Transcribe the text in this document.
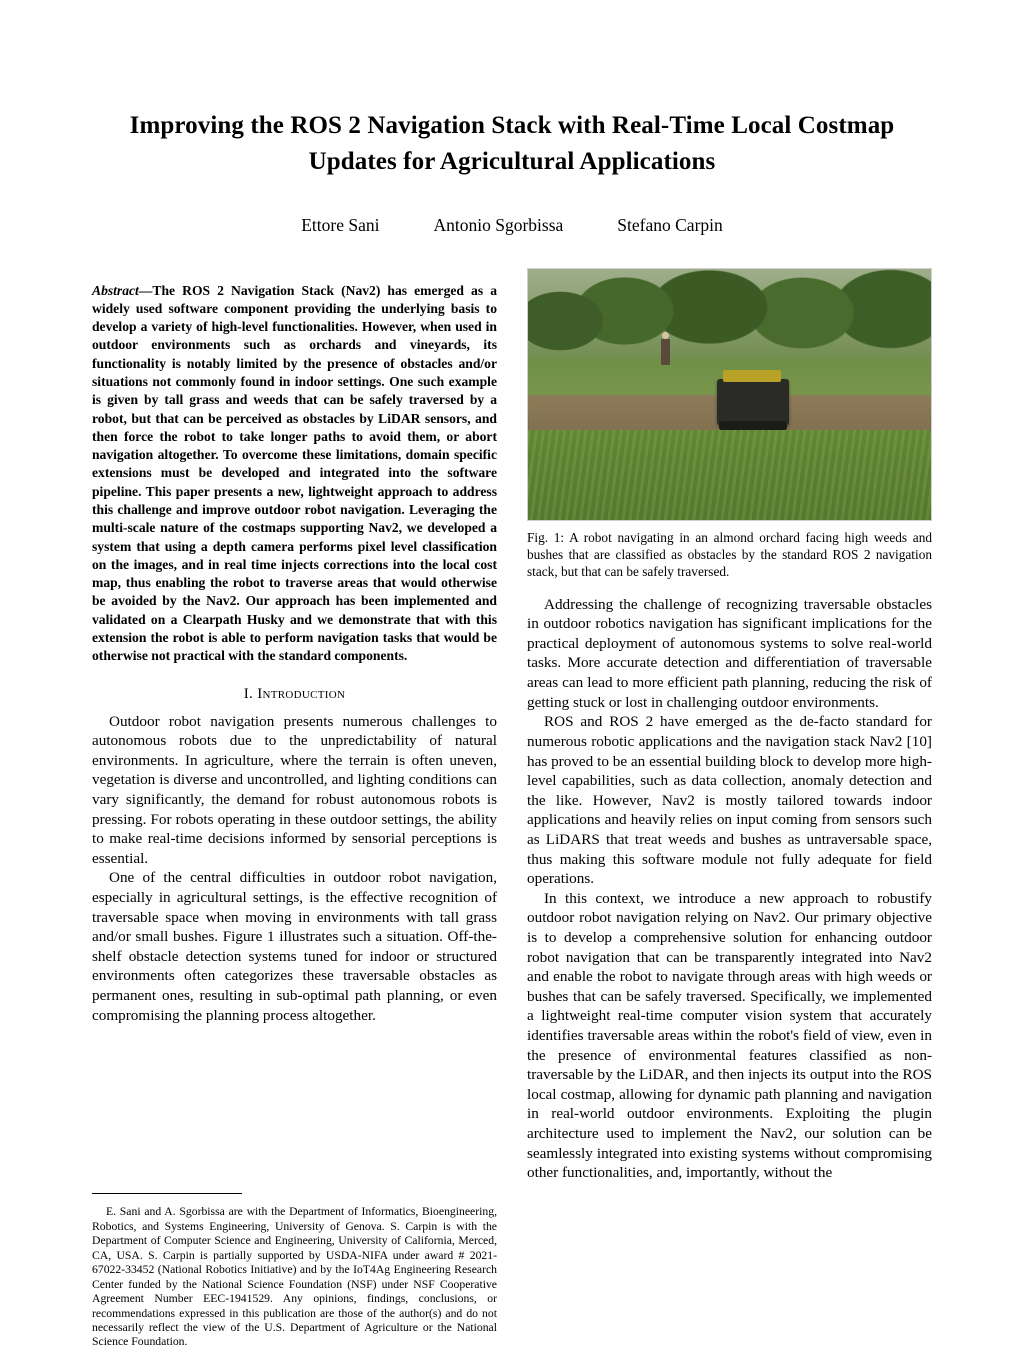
Improving the ROS 2 Navigation Stack with Real-Time Local Costmap Updates for Agricultural Applications
Ettore Sani	Antonio Sgorbissa	Stefano Carpin

Abstract—The ROS 2 Navigation Stack (Nav2) has emerged as a widely used software component providing the underlying basis to develop a variety of high-level functionalities. However, when used in outdoor environments such as orchards and vineyards, its functionality is notably limited by the presence of obstacles and/or situations not commonly found in indoor settings. One such example is given by tall grass and weeds that can be safely traversed by a robot, but that can be perceived as obstacles by LiDAR sensors, and then force the robot to take longer paths to avoid them, or abort navigation altogether. To overcome these limitations, domain specific extensions must be developed and integrated into the software pipeline. This paper presents a new, lightweight approach to address this challenge and improve outdoor robot navigation. Leveraging the multi-scale nature of the costmaps supporting Nav2, we developed a system that using a depth camera performs pixel level classification on the images, and in real time injects corrections into the local cost map, thus enabling the robot to traverse areas that would otherwise be avoided by the Nav2. Our approach has been implemented and validated on a Clearpath Husky and we demonstrate that with this extension the robot is able to perform navigation tasks that would be otherwise not practical with the standard components.

I. Introduction

Outdoor robot navigation presents numerous challenges to autonomous robots due to the unpredictability of natural environments. In agriculture, where the terrain is often uneven, vegetation is diverse and uncontrolled, and lighting conditions can vary significantly, the demand for robust autonomous robots is pressing. For robots operating in these outdoor settings, the ability to make real-time decisions informed by sensorial perceptions is essential.

One of the central difficulties in outdoor robot navigation, especially in agricultural settings, is the effective recognition of traversable space when moving in environments with tall grass and/or small bushes. Figure 1 illustrates such a situation. Off-the-shelf obstacle detection systems tuned for indoor or structured environments often categorizes these traversable obstacles as permanent ones, resulting in sub-optimal path planning, or even compromising the planning process altogether.

E. Sani and A. Sgorbissa are with the Department of Informatics, Bioengineering, Robotics, and Systems Engineering, University of Genova. S. Carpin is with the Department of Computer Science and Engineering, University of California, Merced, CA, USA. S. Carpin is partially supported by USDA-NIFA under award # 2021-67022-33452 (National Robotics Initiative) and by the IoT4Ag Engineering Research Center funded by the National Science Foundation (NSF) under NSF Cooperative Agreement Number EEC-1941529. Any opinions, findings, conclusions, or recommendations expressed in this publication are those of the author(s) and do not necessarily reflect the view of the U.S. Department of Agriculture or the National Science Foundation.

Fig. 1: A robot navigating in an almond orchard facing high weeds and bushes that are classified as obstacles by the standard ROS 2 navigation stack, but that can be safely traversed.

Addressing the challenge of recognizing traversable obstacles in outdoor robotics navigation has significant implications for the practical deployment of autonomous systems to solve real-world tasks. More accurate detection and differentiation of traversable areas can lead to more efficient path planning, reducing the risk of getting stuck or lost in challenging outdoor environments.

ROS and ROS 2 have emerged as the de-facto standard for numerous robotic applications and the navigation stack Nav2 [10] has proved to be an essential building block to develop more high-level capabilities, such as data collection, anomaly detection and the like. However, Nav2 is mostly tailored towards indoor applications and heavily relies on input coming from sensors such as LiDARS that treat weeds and bushes as untraversable space, thus making this software module not fully adequate for field operations.

In this context, we introduce a new approach to robustify outdoor robot navigation relying on Nav2. Our primary objective is to develop a comprehensive solution for enhancing outdoor robot navigation that can be transparently integrated into Nav2 and enable the robot to navigate through areas with high weeds or bushes that can be safely traversed. Specifically, we implemented a lightweight real-time computer vision system that accurately identifies traversable areas within the robot's field of view, even in the presence of environmental features classified as non-traversable by the LiDAR, and then injects its output into the ROS local costmap, allowing for dynamic path planning and navigation in real-world outdoor environments. Exploiting the plugin architecture used to implement the Nav2, our solution can be seamlessly integrated into existing systems without compromising other functionalities, and, importantly, without the
